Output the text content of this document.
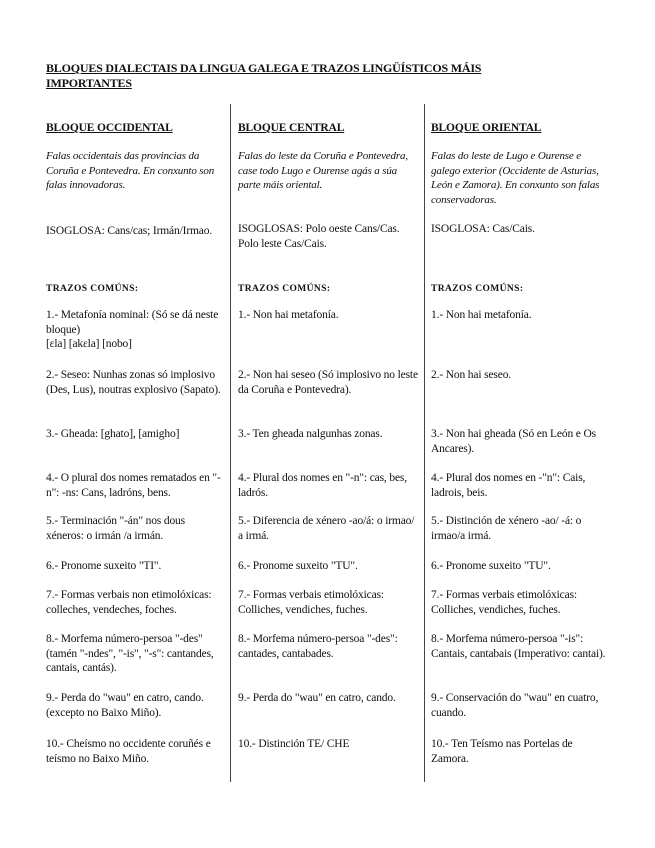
BLOQUES DIALECTAIS DA LINGUA GALEGA E TRAZOS LINGÜÍSTICOS MÁIS IMPORTANTES
BLOQUE OCCIDENTAL
Falas occidentais das provincias da Coruña e Pontevedra. En conxunto son falas innovadoras.
ISOGLOSA: Cans/cas; Irmán/Irmao.
TRAZOS COMÚNS:
1.- Metafonía nominal: (Só se dá neste bloque)
[ɛla] [akɛla] [nobo]
2.- Seseo: Nunhas zonas só implosivo (Des, Lus), noutras explosivo (Sapato).
3.- Gheada: [ghato], [amigho]
4.- O plural dos nomes rematados en "-n": -ns: Cans, ladróns, bens.
5.- Terminación "-án" nos dous xéneros: o irmán /a irmán.
6.- Pronome suxeito "TI".
7.- Formas verbais non etimolóxicas: colleches, vendeches, foches.
8.- Morfema número-persoa "-des" (tamén "-ndes", "-is", "-s": cantandes, cantais, cantás).
9.- Perda do "wau" en catro, cando. (excepto no Baixo Miño).
10.- Cheísmo no occidente coruñés e teísmo no Baixo Miño.
BLOQUE CENTRAL
Falas do leste da Coruña e Pontevedra, case todo Lugo e Ourense agás a súa parte máis oriental.
ISOGLOSAS: Polo oeste Cans/Cas.
Polo leste Cas/Cais.
TRAZOS COMÚNS:
1.- Non hai metafonía.
2.- Non hai seseo (Só implosivo no leste da Coruña e Pontevedra).
3.- Ten gheada nalgunhas zonas.
4.- Plural dos nomes en "-n": cas, bes, ladrós.
5.- Diferencia de xénero -ao/á: o irmao/ a irmá.
6.- Pronome suxeito "TU".
7.- Formas verbais etimolóxicas: Colliches, vendiches, fuches.
8.- Morfema número-persoa "-des": cantades, cantabades.
9.- Perda do "wau" en catro, cando.
10.- Distinción TE/ CHE
BLOQUE ORIENTAL
Falas do leste de Lugo e Ourense e galego exterior (Occidente de Asturias, León e Zamora). En conxunto son falas conservadoras.
ISOGLOSA: Cas/Cais.
TRAZOS COMÚNS:
1.- Non hai metafonía.
2.- Non hai seseo.
3.- Non hai gheada (Só en León e Os Ancares).
4.- Plural dos nomes en -"n": Cais, ladrois, beis.
5.- Distinción de xénero -ao/ -á: o irmao/a irmá.
6.- Pronome suxeito "TU".
7.- Formas verbais etimolóxicas: Colliches, vendiches, fuches.
8.- Morfema número-persoa "-is": Cantais, cantabais (Imperativo: cantai).
9.- Conservación do "wau" en cuatro, cuando.
10.- Ten Teísmo nas Portelas de Zamora.
